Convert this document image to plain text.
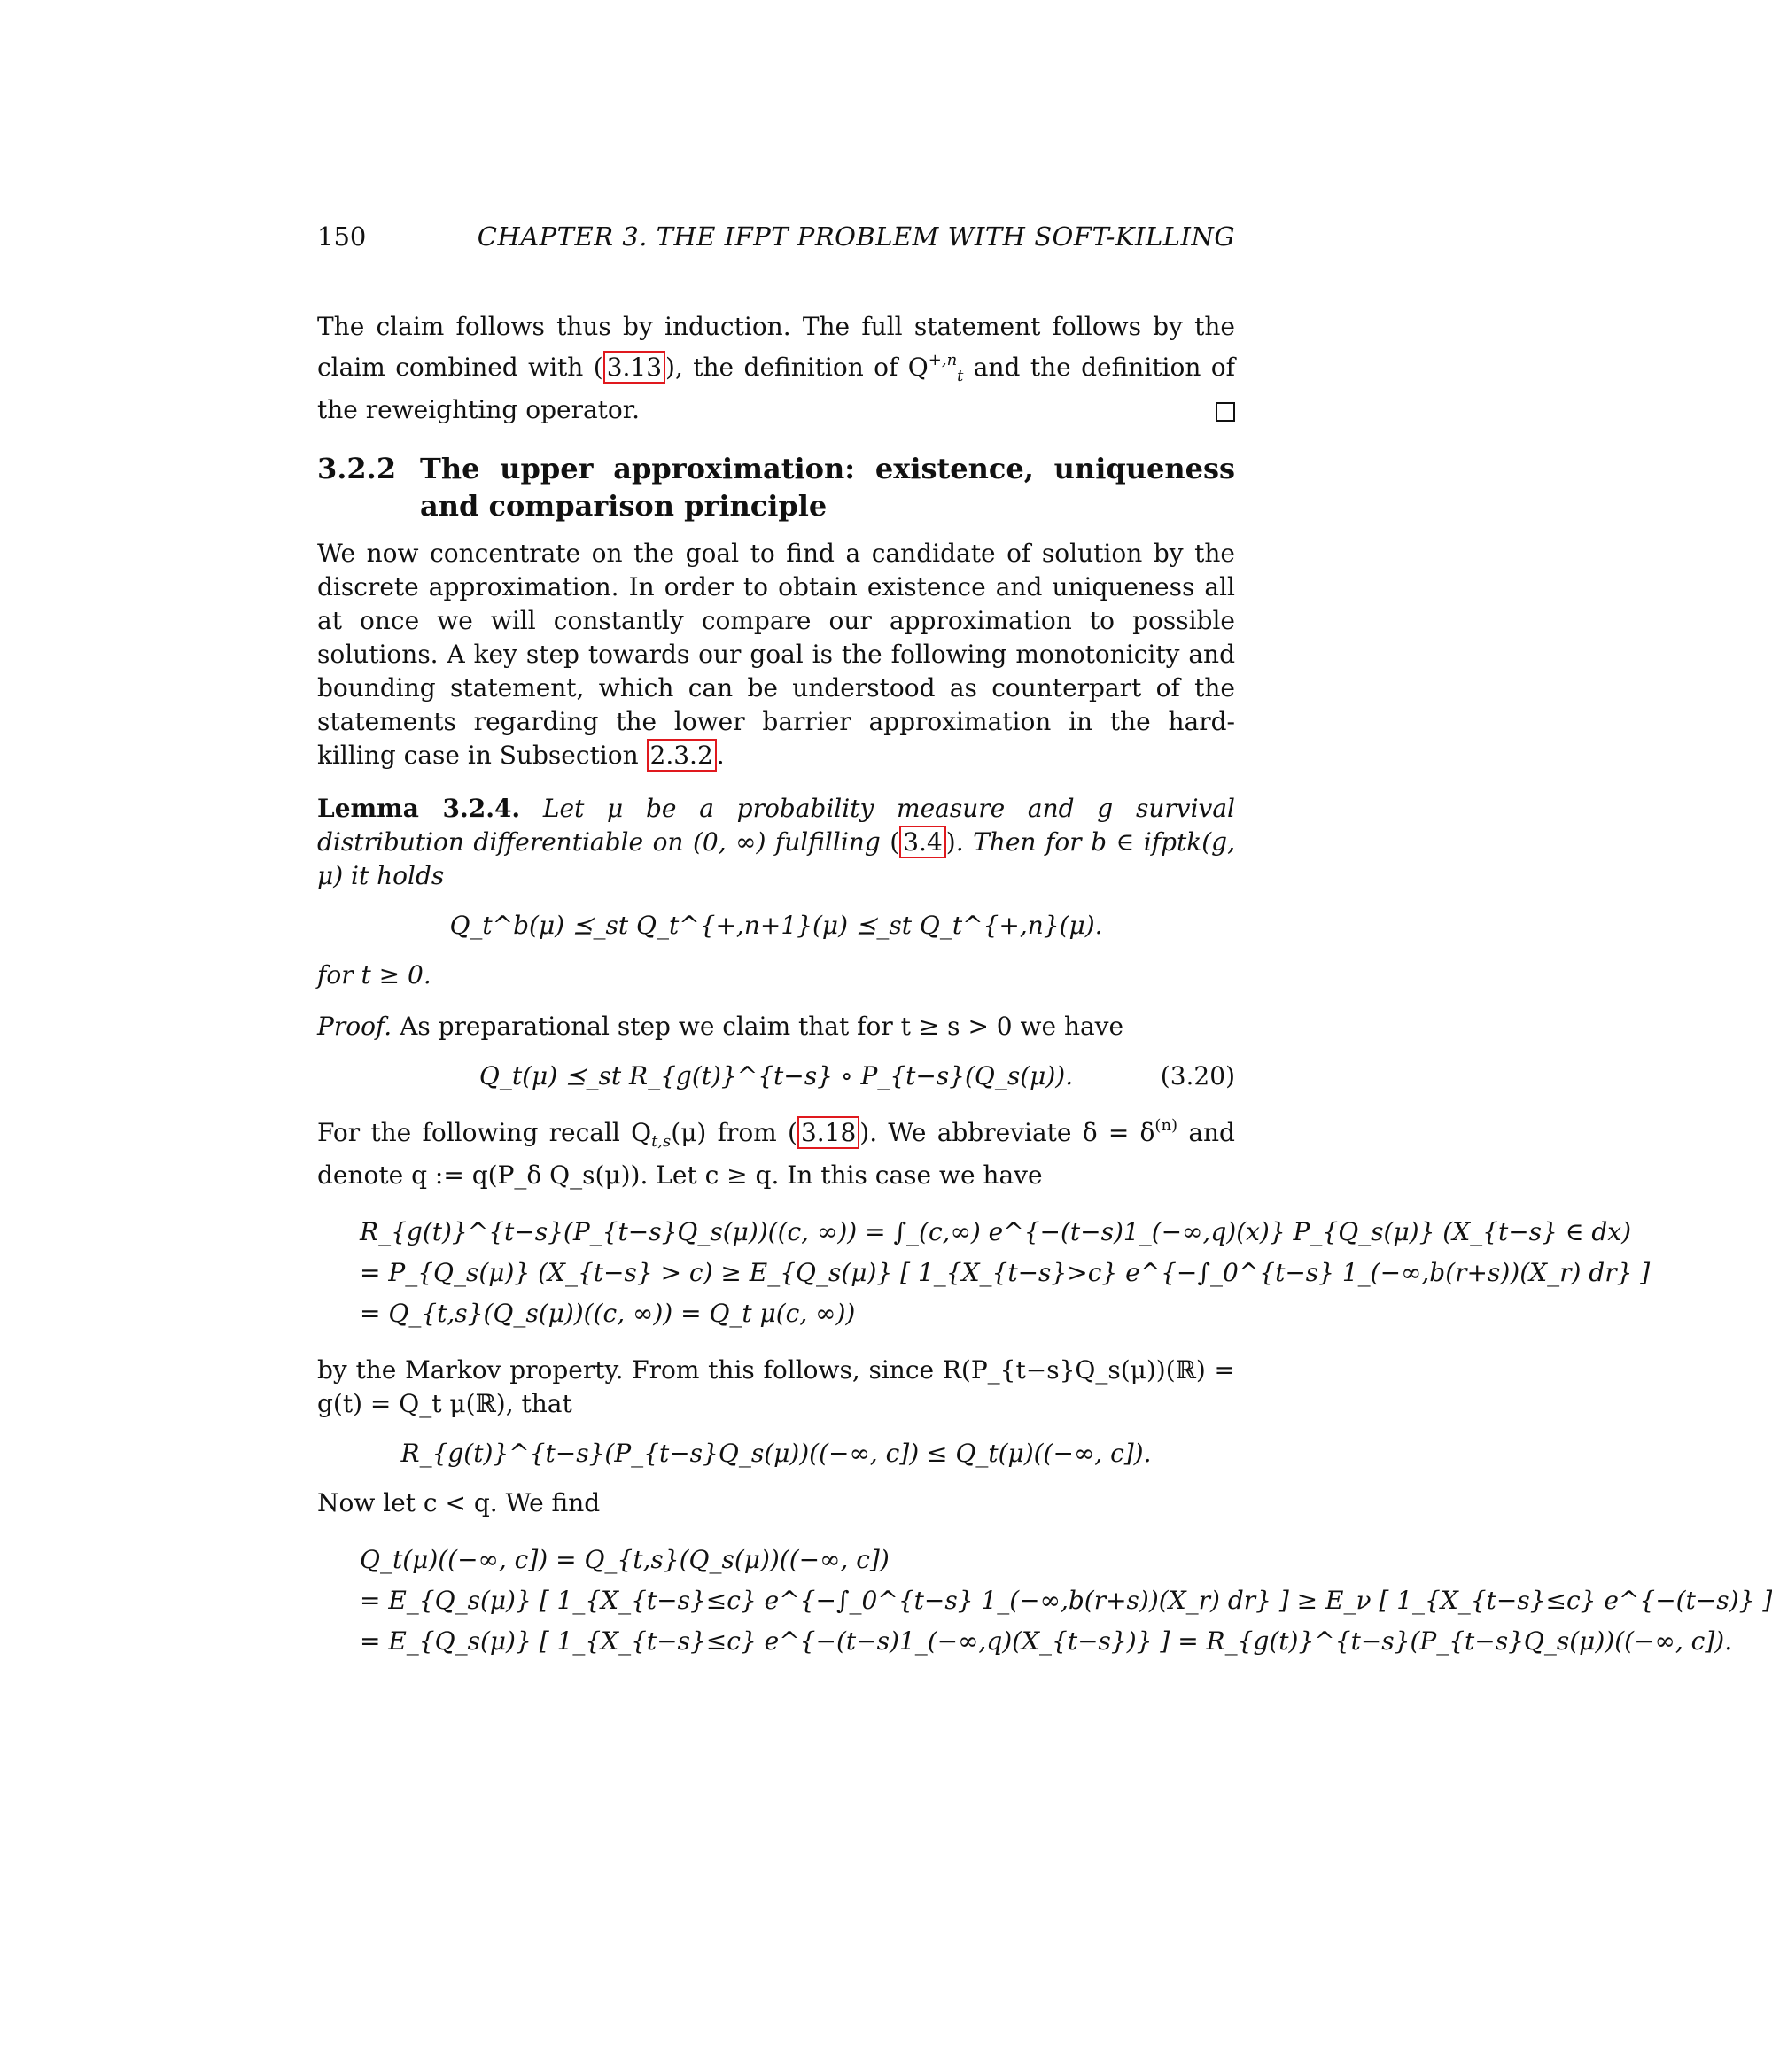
150	CHAPTER 3. THE IFPT PROBLEM WITH SOFT-KILLING

The claim follows thus by induction. The full statement follows by the claim combined with ( 3.13 ), the definition of $Q^{+,n}_t$ and the definition of the reweighting operator.

3.2.2 The upper approximation: existence, uniqueness and comparison principle

We now concentrate on the goal to find a candidate of solution by the discrete approximation. In order to obtain existence and uniqueness all at once we will constantly compare our approximation to possible solutions. A key step towards our goal is the following monotonicity and bounding statement, which can be understood as counterpart of the statements regarding the lower barrier approximation in the hard-killing case in Subsection 2.3.2 .

Lemma 3.2.4. Let μ be a probability measure and g survival distribution differentiable on (0, ∞) fulfilling ( 3.4 ). Then for b ∈ ifptk(g, μ) it holds

Q_t^b(μ) ⪯_st Q_t^{+,n+1}(μ) ⪯_st Q_t^{+,n}(μ).

for t ≥ 0.

Proof. As preparational step we claim that for t ≥ s > 0 we have

Q_t(μ) ⪯_st R_{g(t)}^{t−s} ∘ P_{t−s}(Q_s(μ)).	(3.20)

For the following recall $Q_{t,s}(\mu)$ from ( 3.18 ). We abbreviate $\delta = \delta^{(n)}$ and denote q := q(P_δ Q_s(μ)). Let c ≥ q. In this case we have

R_{g(t)}^{t−s}(P_{t−s}Q_s(μ))((c, ∞)) = ∫_(c,∞) e^{−(t−s)1_(−∞,q)(x)} P_{Q_s(μ)} (X_{t−s} ∈ dx)
= P_{Q_s(μ)} (X_{t−s} > c) ≥ E_{Q_s(μ)} [ 1_{X_{t−s}>c} e^{−∫_0^{t−s} 1_(−∞,b(r+s))(X_r) dr} ]
= Q_{t,s}(Q_s(μ))((c, ∞)) = Q_t μ(c, ∞))

by the Markov property. From this follows, since R(P_{t−s}Q_s(μ))(ℝ) = g(t) = Q_t μ(ℝ), that

R_{g(t)}^{t−s}(P_{t−s}Q_s(μ))((−∞, c]) ≤ Q_t(μ)((−∞, c]).

Now let c < q. We find

Q_t(μ)((−∞, c]) = Q_{t,s}(Q_s(μ))((−∞, c])
= E_{Q_s(μ)} [ 1_{X_{t−s}≤c} e^{−∫_0^{t−s} 1_(−∞,b(r+s))(X_r) dr} ] ≥ E_ν [ 1_{X_{t−s}≤c} e^{−(t−s)} ]
= E_{Q_s(μ)} [ 1_{X_{t−s}≤c} e^{−(t−s)1_(−∞,q)(X_{t−s})} ] = R_{g(t)}^{t−s}(P_{t−s}Q_s(μ))((−∞, c]).
